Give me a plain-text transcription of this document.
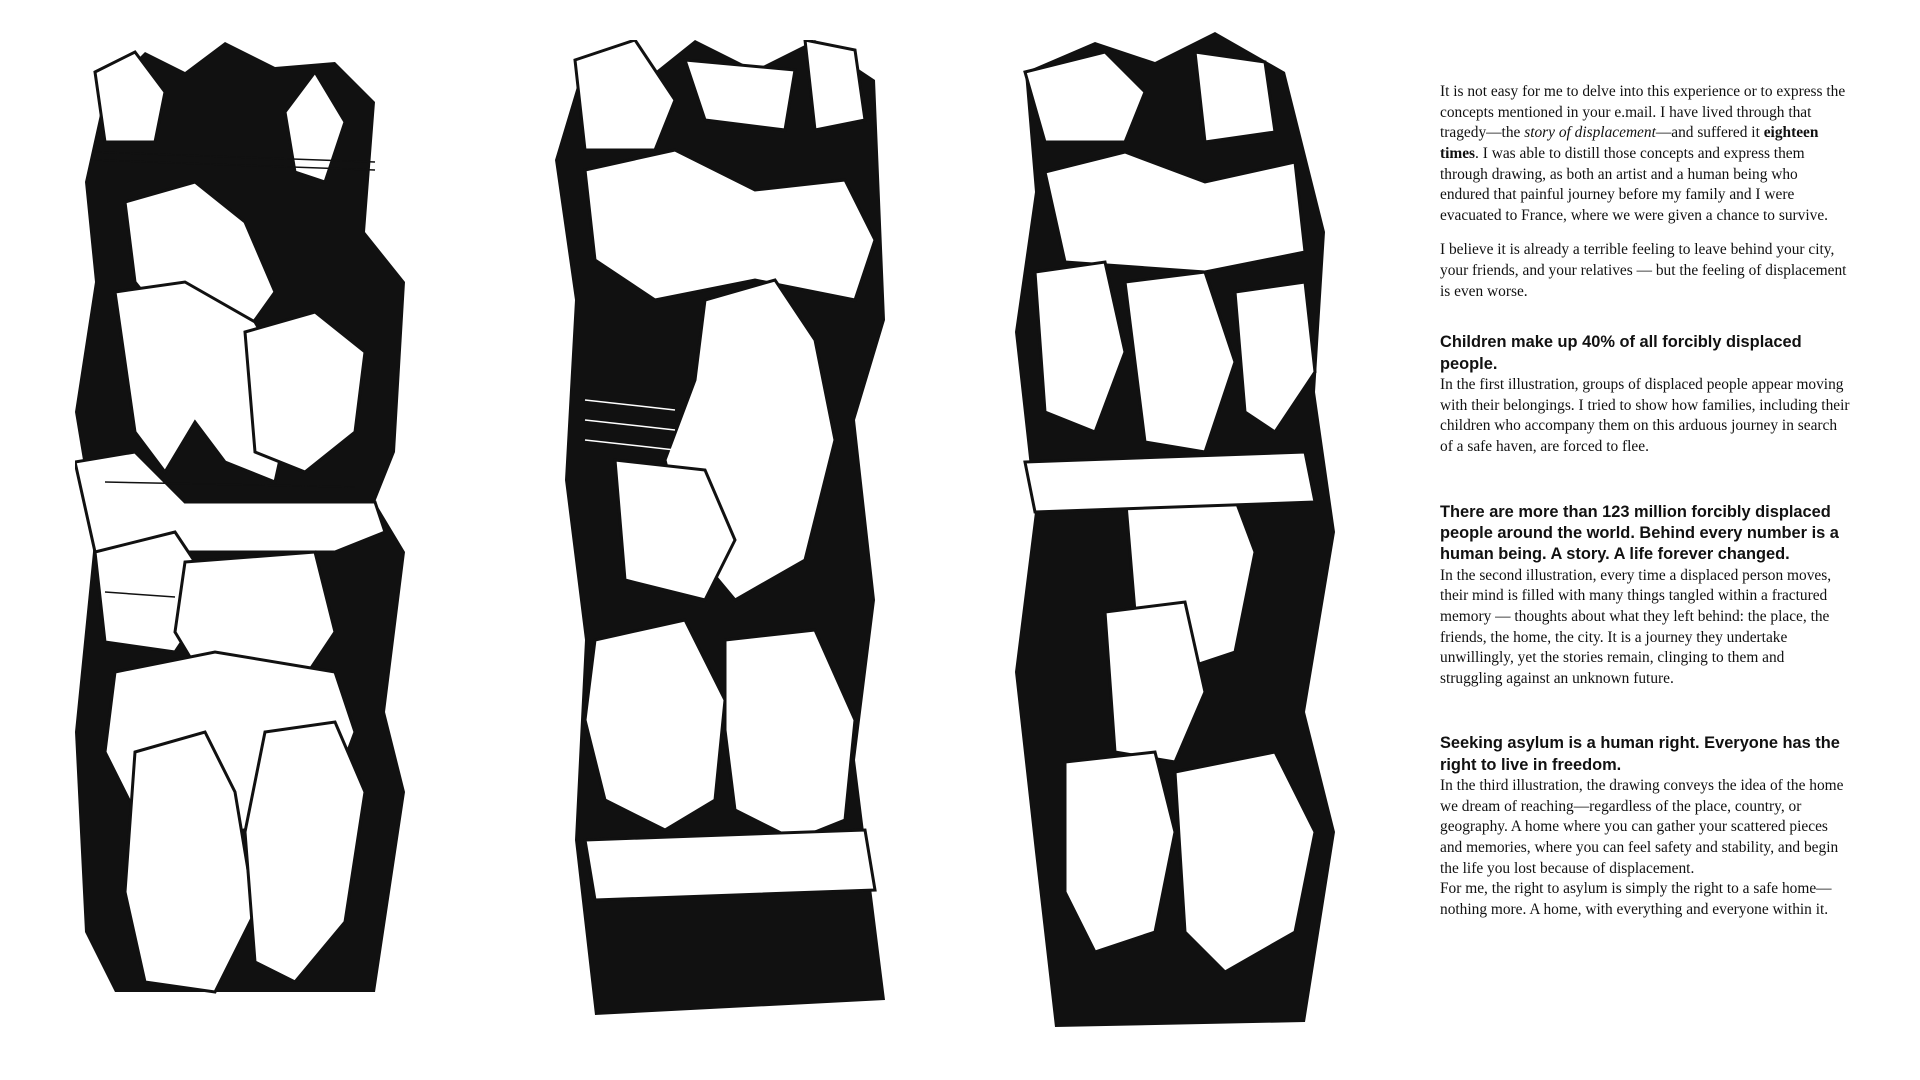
It is not easy for me to delve into this experience or to express the concepts mentioned in your e.mail. I have lived through that tragedy—the story of displacement—and suffered it eighteen times. I was able to distill those concepts and express them through drawing, as both an artist and a human being who endured that painful journey before my family and I were evacuated to France, where we were given a chance to survive.

I believe it is already a terrible feeling to leave behind your city, your friends, and your relatives — but the feeling of displacement is even worse.

Children make up 40% of all forcibly displaced people.

In the first illustration, groups of displaced people appear moving with their belongings. I tried to show how families, including their children who accompany them on this arduous journey in search of a safe haven, are forced to flee.

There are more than 123 million forcibly displaced people around the world. Behind every number is a human being. A story. A life forever changed.

In the second illustration, every time a displaced person moves, their mind is filled with many things tangled within a fractured memory — thoughts about what they left behind: the place, the friends, the home, the city. It is a journey they undertake unwillingly, yet the stories remain, clinging to them and struggling against an unknown future.

Seeking asylum is a human right. Everyone has the right to live in freedom.

In the third illustration, the drawing conveys the idea of the home we dream of reaching—regardless of the place, country, or geography. A home where you can gather your scattered pieces and memories, where you can feel safety and stability, and begin the life you lost because of displacement.

For me, the right to asylum is simply the right to a safe home—nothing more. A home, with everything and everyone within it.
